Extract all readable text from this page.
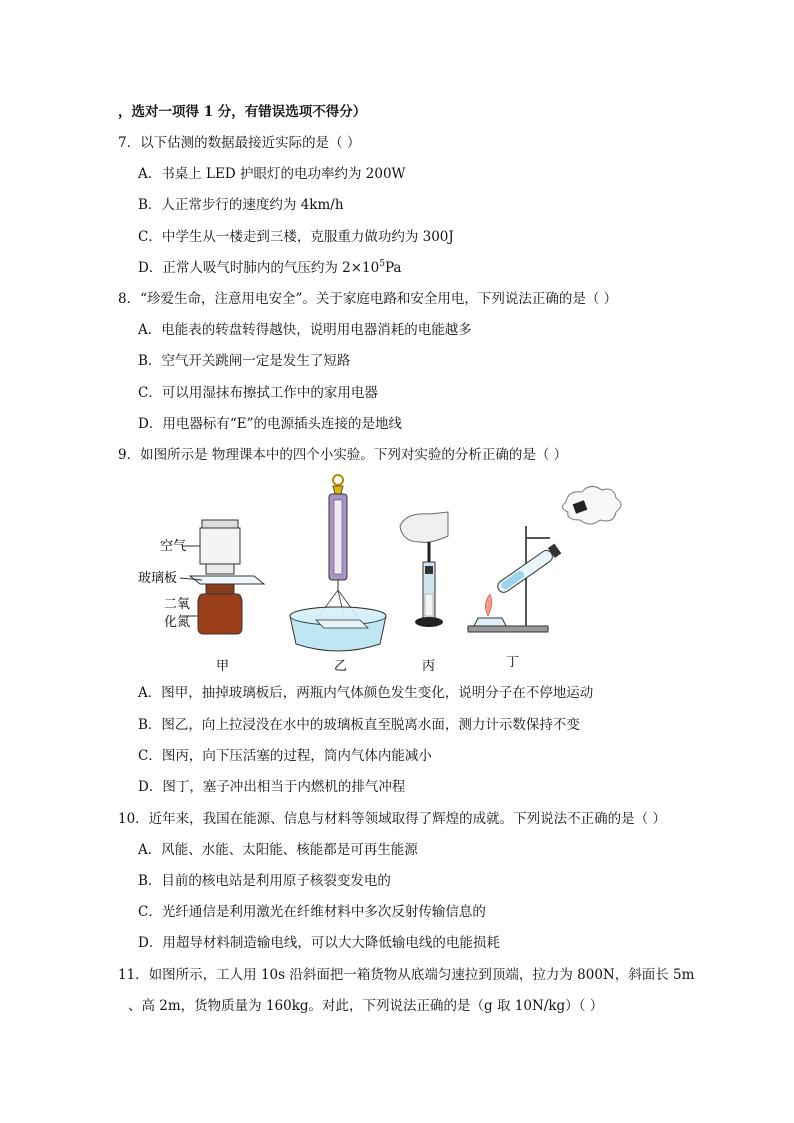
，选对一项得 1 分，有错误选项不得分）
7．以下估测的数据最接近实际的是（ ）
A．书桌上 LED 护眼灯的电功率约为 200W
B．人正常步行的速度约为 4km/h
C．中学生从一楼走到三楼，克服重力做功约为 300J
D．正常人吸气时肺内的气压约为 $2\times 10^5Pa$
8．“珍爱生命，注意用电安全”。关于家庭电路和安全用电，下列说法正确的是（ ）
A．电能表的转盘转得越快，说明用电器消耗的电能越多
B．空气开关跳闸一定是发生了短路
C．可以用湿抹布擦拭工作中的家用电器
D．用电器标有“E”的电源插头连接的是地线
9．如图所示是 物理课本中的四个小实验。下列对实验的分析正确的是（ ）
空气
玻璃板
二氧
化氮
甲	乙	丙	丁
A．图甲，抽掉玻璃板后，两瓶内气体颜色发生变化，说明分子在不停地运动
B．图乙，向上拉浸没在水中的玻璃板直至脱离水面，测力计示数保持不变
C．图丙，向下压活塞的过程，筒内气体内能减小
D．图丁，塞子冲出相当于内燃机的排气冲程
10．近年来，我国在能源、信息与材料等领域取得了辉煌的成就。下列说法不正确的是（ ）
A．风能、水能、太阳能、核能都是可再生能源
B．目前的核电站是利用原子核裂变发电的
C．光纤通信是利用激光在纤维材料中多次反射传输信息的
D．用超导材料制造输电线，可以大大降低输电线的电能损耗
11．如图所示，工人用 10s 沿斜面把一箱货物从底端匀速拉到顶端，拉力为 800N，斜面长 5m
、高 2m，货物质量为 160kg。对此，下列说法正确的是（g 取 10N/kg）（ ）
